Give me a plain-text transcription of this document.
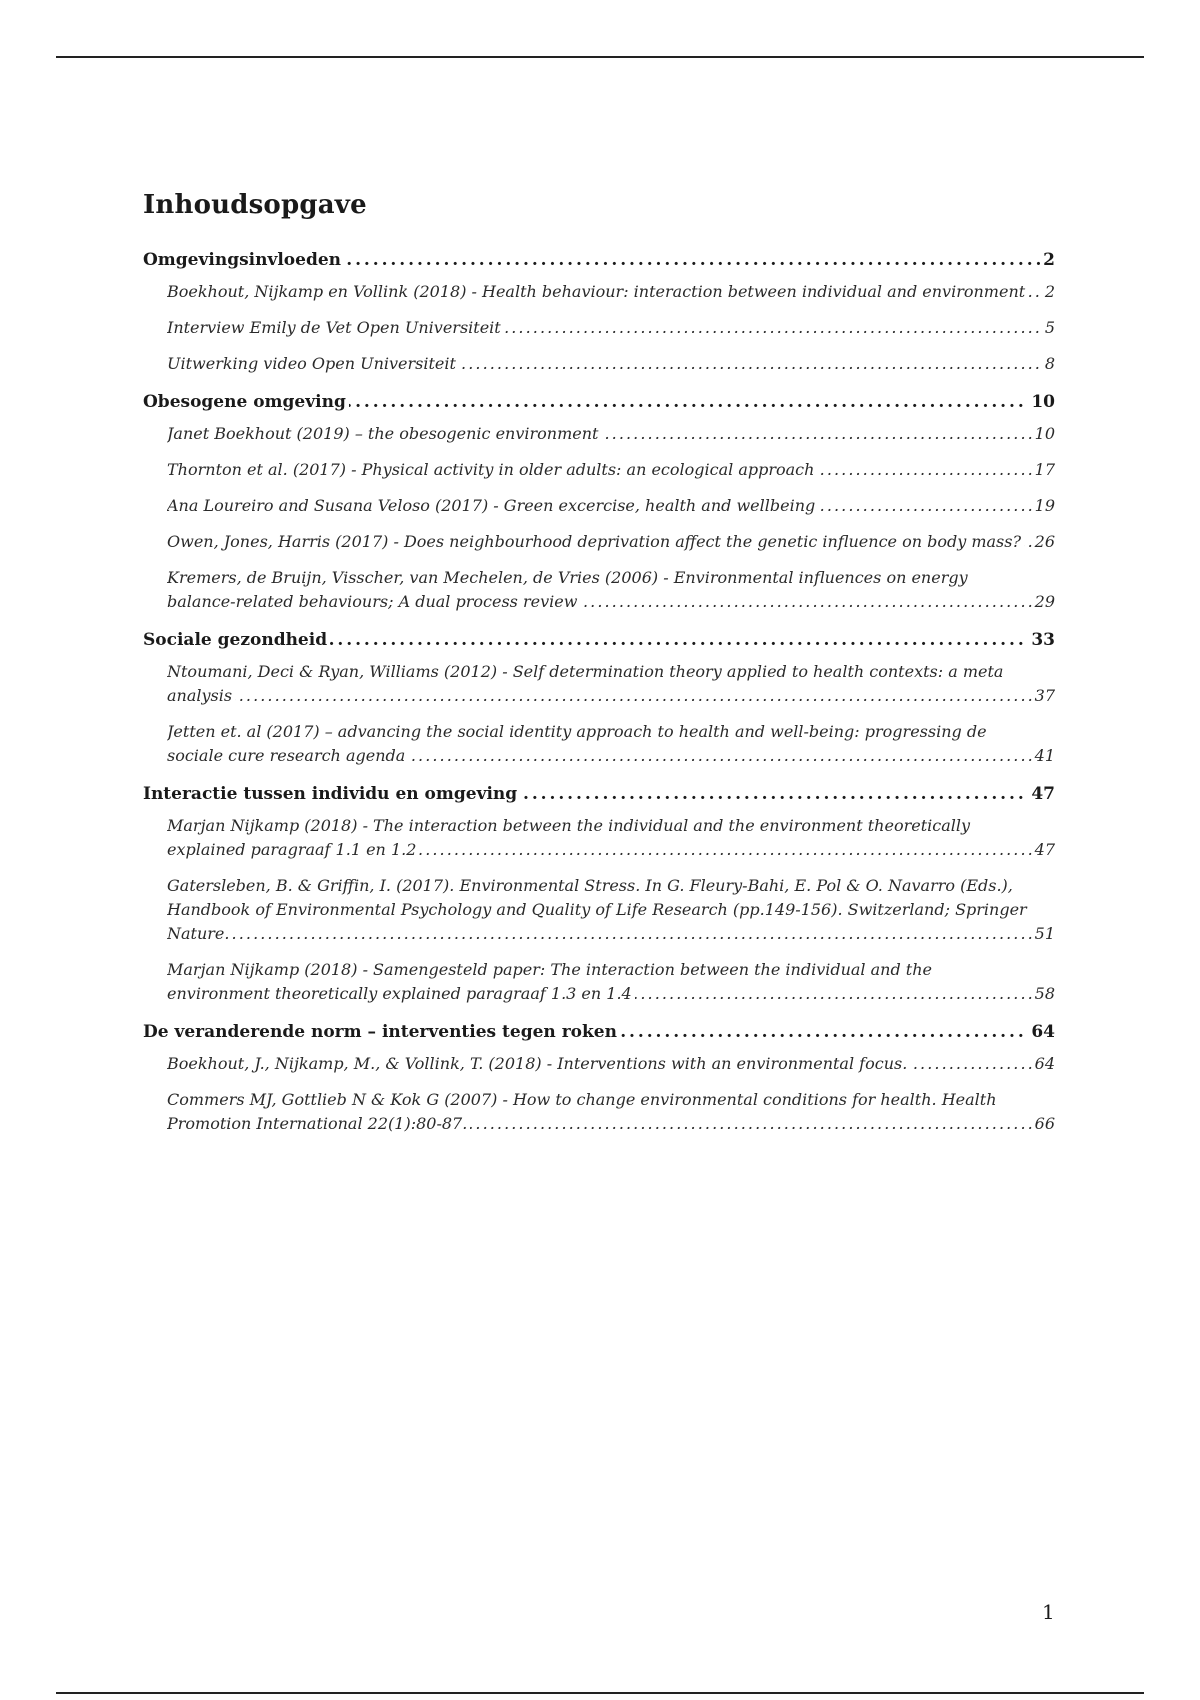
Inhoudsopgave
Omgevingsinvloeden . . .	2
Boekhout, Nijkamp en Vollink (2018) - Health behaviour: interaction between individual and environment . . .	2
Interview Emily de Vet Open Universiteit . . .	5
Uitwerking video Open Universiteit . . .	8
Obesogene omgeving . . .	10
Janet Boekhout (2019) – the obesogenic environment . . .	10
Thornton et al. (2017) - Physical activity in older adults: an ecological approach . . .	17
Ana Loureiro and Susana Veloso (2017) - Green excercise, health and wellbeing . . .	19
Owen, Jones, Harris (2017) - Does neighbourhood deprivation affect the genetic influence on body mass? . . . 26
Kremers, de Bruijn, Visscher, van Mechelen, de Vries (2006) - Environmental influences on energy balance-related behaviours; A dual process review . . .	29
Sociale gezondheid . . .	33
Ntoumani, Deci & Ryan, Williams (2012) - Self determination theory applied to health contexts: a meta analysis . . .	37
Jetten et. al (2017) – advancing the social identity approach to health and well-being: progressing de sociale cure research agenda . . .	41
Interactie tussen individu en omgeving . . .	47
Marjan Nijkamp (2018) - The interaction between the individual and the environment theoretically explained paragraaf 1.1 en 1.2 . . .	47
Gatersleben, B. & Griffin, I. (2017). Environmental Stress. In G. Fleury-Bahi, E. Pol & O. Navarro (Eds.), Handbook of Environmental Psychology and Quality of Life Research (pp.149-156). Switzerland; Springer Nature. . . .	51
Marjan Nijkamp (2018) - Samengesteld paper: The interaction between the individual and the environment theoretically explained paragraaf 1.3 en 1.4 . . .	58
De veranderende norm – interventies tegen roken . . .	64
Boekhout, J., Nijkamp, M., & Vollink, T. (2018) - Interventions with an environmental focus. . . .	64
Commers MJ, Gottlieb N & Kok G (2007) - How to change environmental conditions for health. Health Promotion International 22(1):80-87. . . .	66
1
